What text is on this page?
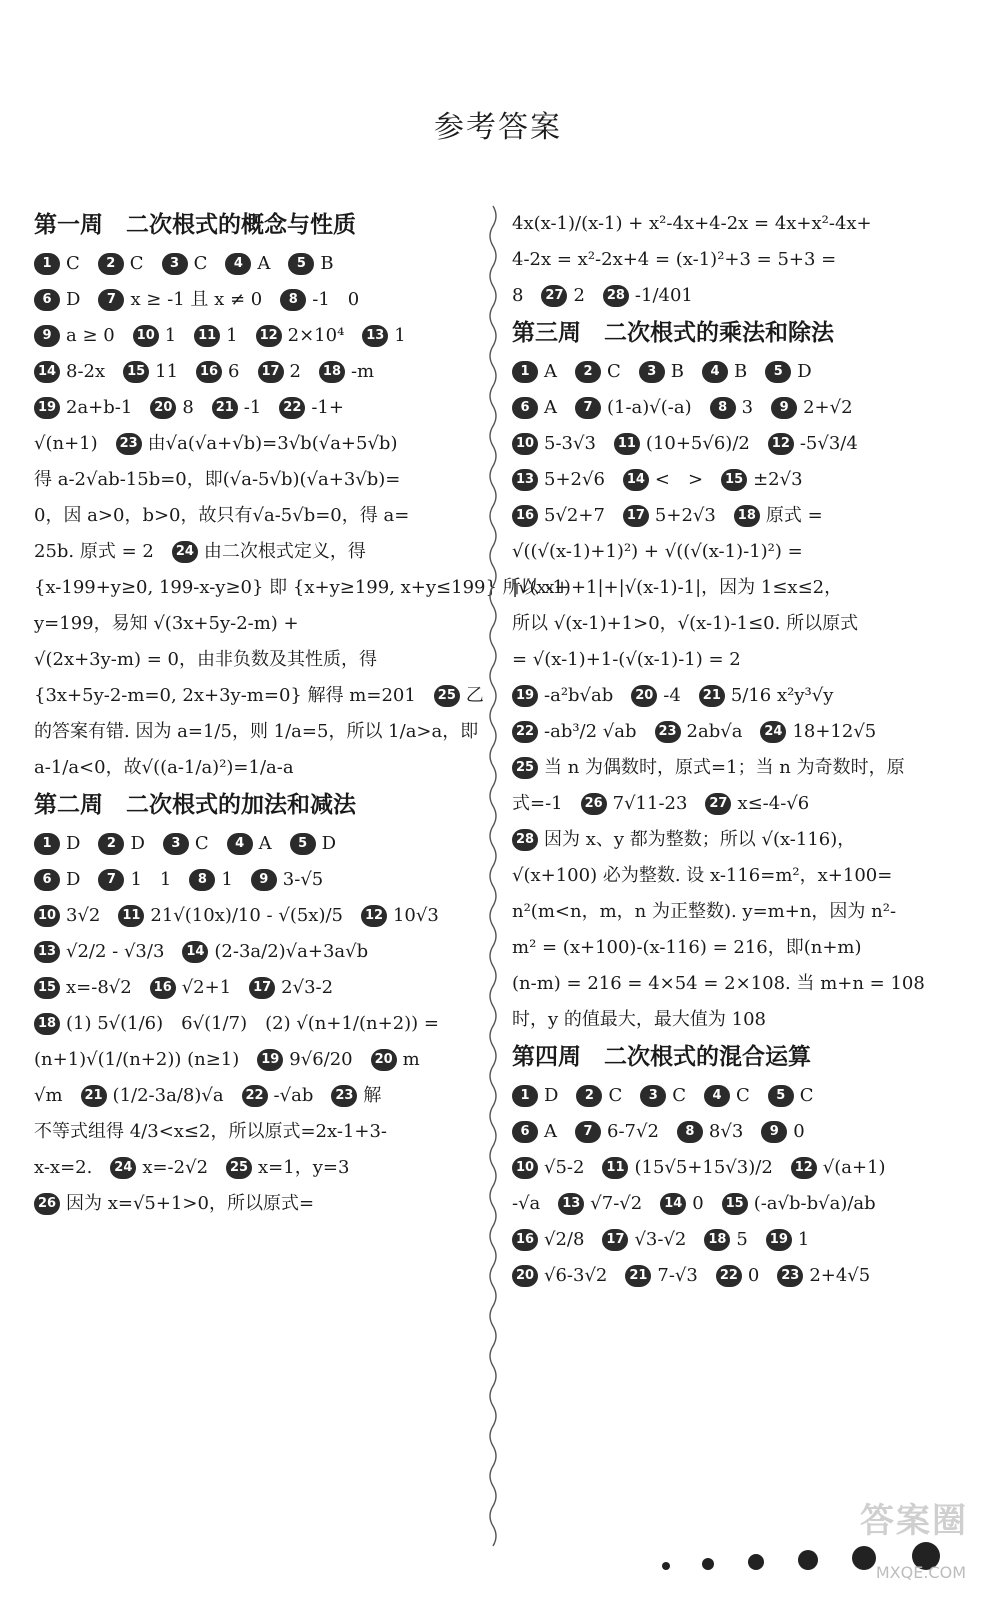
参考答案
第一周　二次根式的概念与性质
1 C 2 C 3 C 4 A 5 B
6 D 7 x ≥ -1 且 x ≠ 0 8 -1　0
9 a ≥ 0 10 1 11 1 12 2×10⁴ 13 1
14 8-2x 15 11 16 6 17 2 18 -m
19 2a+b-1 20 8 21 -1 22 -1+
√(n+1) 23 由√a(√a+√b)=3√b(√a+5√b)
得 a-2√ab-15b=0，即(√a-5√b)(√a+3√b)=
0，因 a>0，b>0，故只有√a-5√b=0，得 a=
25b. 原式 = 2 24 由二次根式定义，得
{x-199+y≥0, 199-x-y≥0} 即 {x+y≥199, x+y≤199} 所以 x+
y=199，易知 √(3x+5y-2-m) +
√(2x+3y-m) = 0，由非负数及其性质，得
{3x+5y-2-m=0, 2x+3y-m=0} 解得 m=201 25 乙
的答案有错. 因为 a=1/5，则 1/a=5，所以 1/a>a，即
a-1/a<0，故√((a-1/a)²)=1/a-a
第二周　二次根式的加法和减法
1 D 2 D 3 C 4 A 5 D
6 D 7 1　1 8 1 9 3-√5
10 3√2 11 21√(10x)/10 - √(5x)/5 12 10√3
13 √2/2 - √3/3 14 (2-3a/2)√a+3a√b
15 x=-8√2 16 √2+1 17 2√3-2
18 (1) 5√(1/6)　6√(1/7)　(2) √(n+1/(n+2)) =
(n+1)√(1/(n+2)) (n≥1) 19 9√6/20 20 m
√m 21 (1/2-3a/8)√a 22 -√ab 23 解
不等式组得 4/3<x≤2，所以原式=2x-1+3-
x-x=2. 24 x=-2√2 25 x=1，y=3
26 因为 x=√5+1>0，所以原式=
4x(x-1)/(x-1) + x²-4x+4-2x = 4x+x²-4x+
4-2x = x²-2x+4 = (x-1)²+3 = 5+3 =
8 27 2 28 -1/401
第三周　二次根式的乘法和除法
1 A 2 C 3 B 4 B 5 D
6 A 7 (1-a)√(-a) 8 3 9 2+√2
10 5-3√3 11 (10+5√6)/2 12 -5√3/4
13 5+2√6 14 <　> 15 ±2√3
16 5√2+7 17 5+2√3 18 原式 =
√((√(x-1)+1)²) + √((√(x-1)-1)²) =
|√(x-1)+1|+|√(x-1)-1|，因为 1≤x≤2，
所以 √(x-1)+1>0，√(x-1)-1≤0. 所以原式
= √(x-1)+1-(√(x-1)-1) = 2
19 -a²b√ab 20 -4 21 5/16 x²y³√y
22 -ab³/2 √ab 23 2ab√a 24 18+12√5
25 当 n 为偶数时，原式=1；当 n 为奇数时，原
式=-1 26 7√11-23 27 x≤-4-√6
28 因为 x、y 都为整数；所以 √(x-116)，
√(x+100) 必为整数. 设 x-116=m²，x+100=
n²(m<n，m，n 为正整数). y=m+n，因为 n²-
m² = (x+100)-(x-116) = 216，即(n+m)
(n-m) = 216 = 4×54 = 2×108. 当 m+n = 108
时，y 的值最大，最大值为 108
第四周　二次根式的混合运算
1 D 2 C 3 C 4 C 5 C
6 A 7 6-7√2 8 8√3 9 0
10 √5-2 11 (15√5+15√3)/2 12 √(a+1)
-√a 13 √7-√2 14 0 15 (-a√b-b√a)/ab
16 √2/8 17 √3-√2 18 5 19 1
20 √6-3√2 21 7-√3 22 0 23 2+4√5
答案圈
MXQE.COM
